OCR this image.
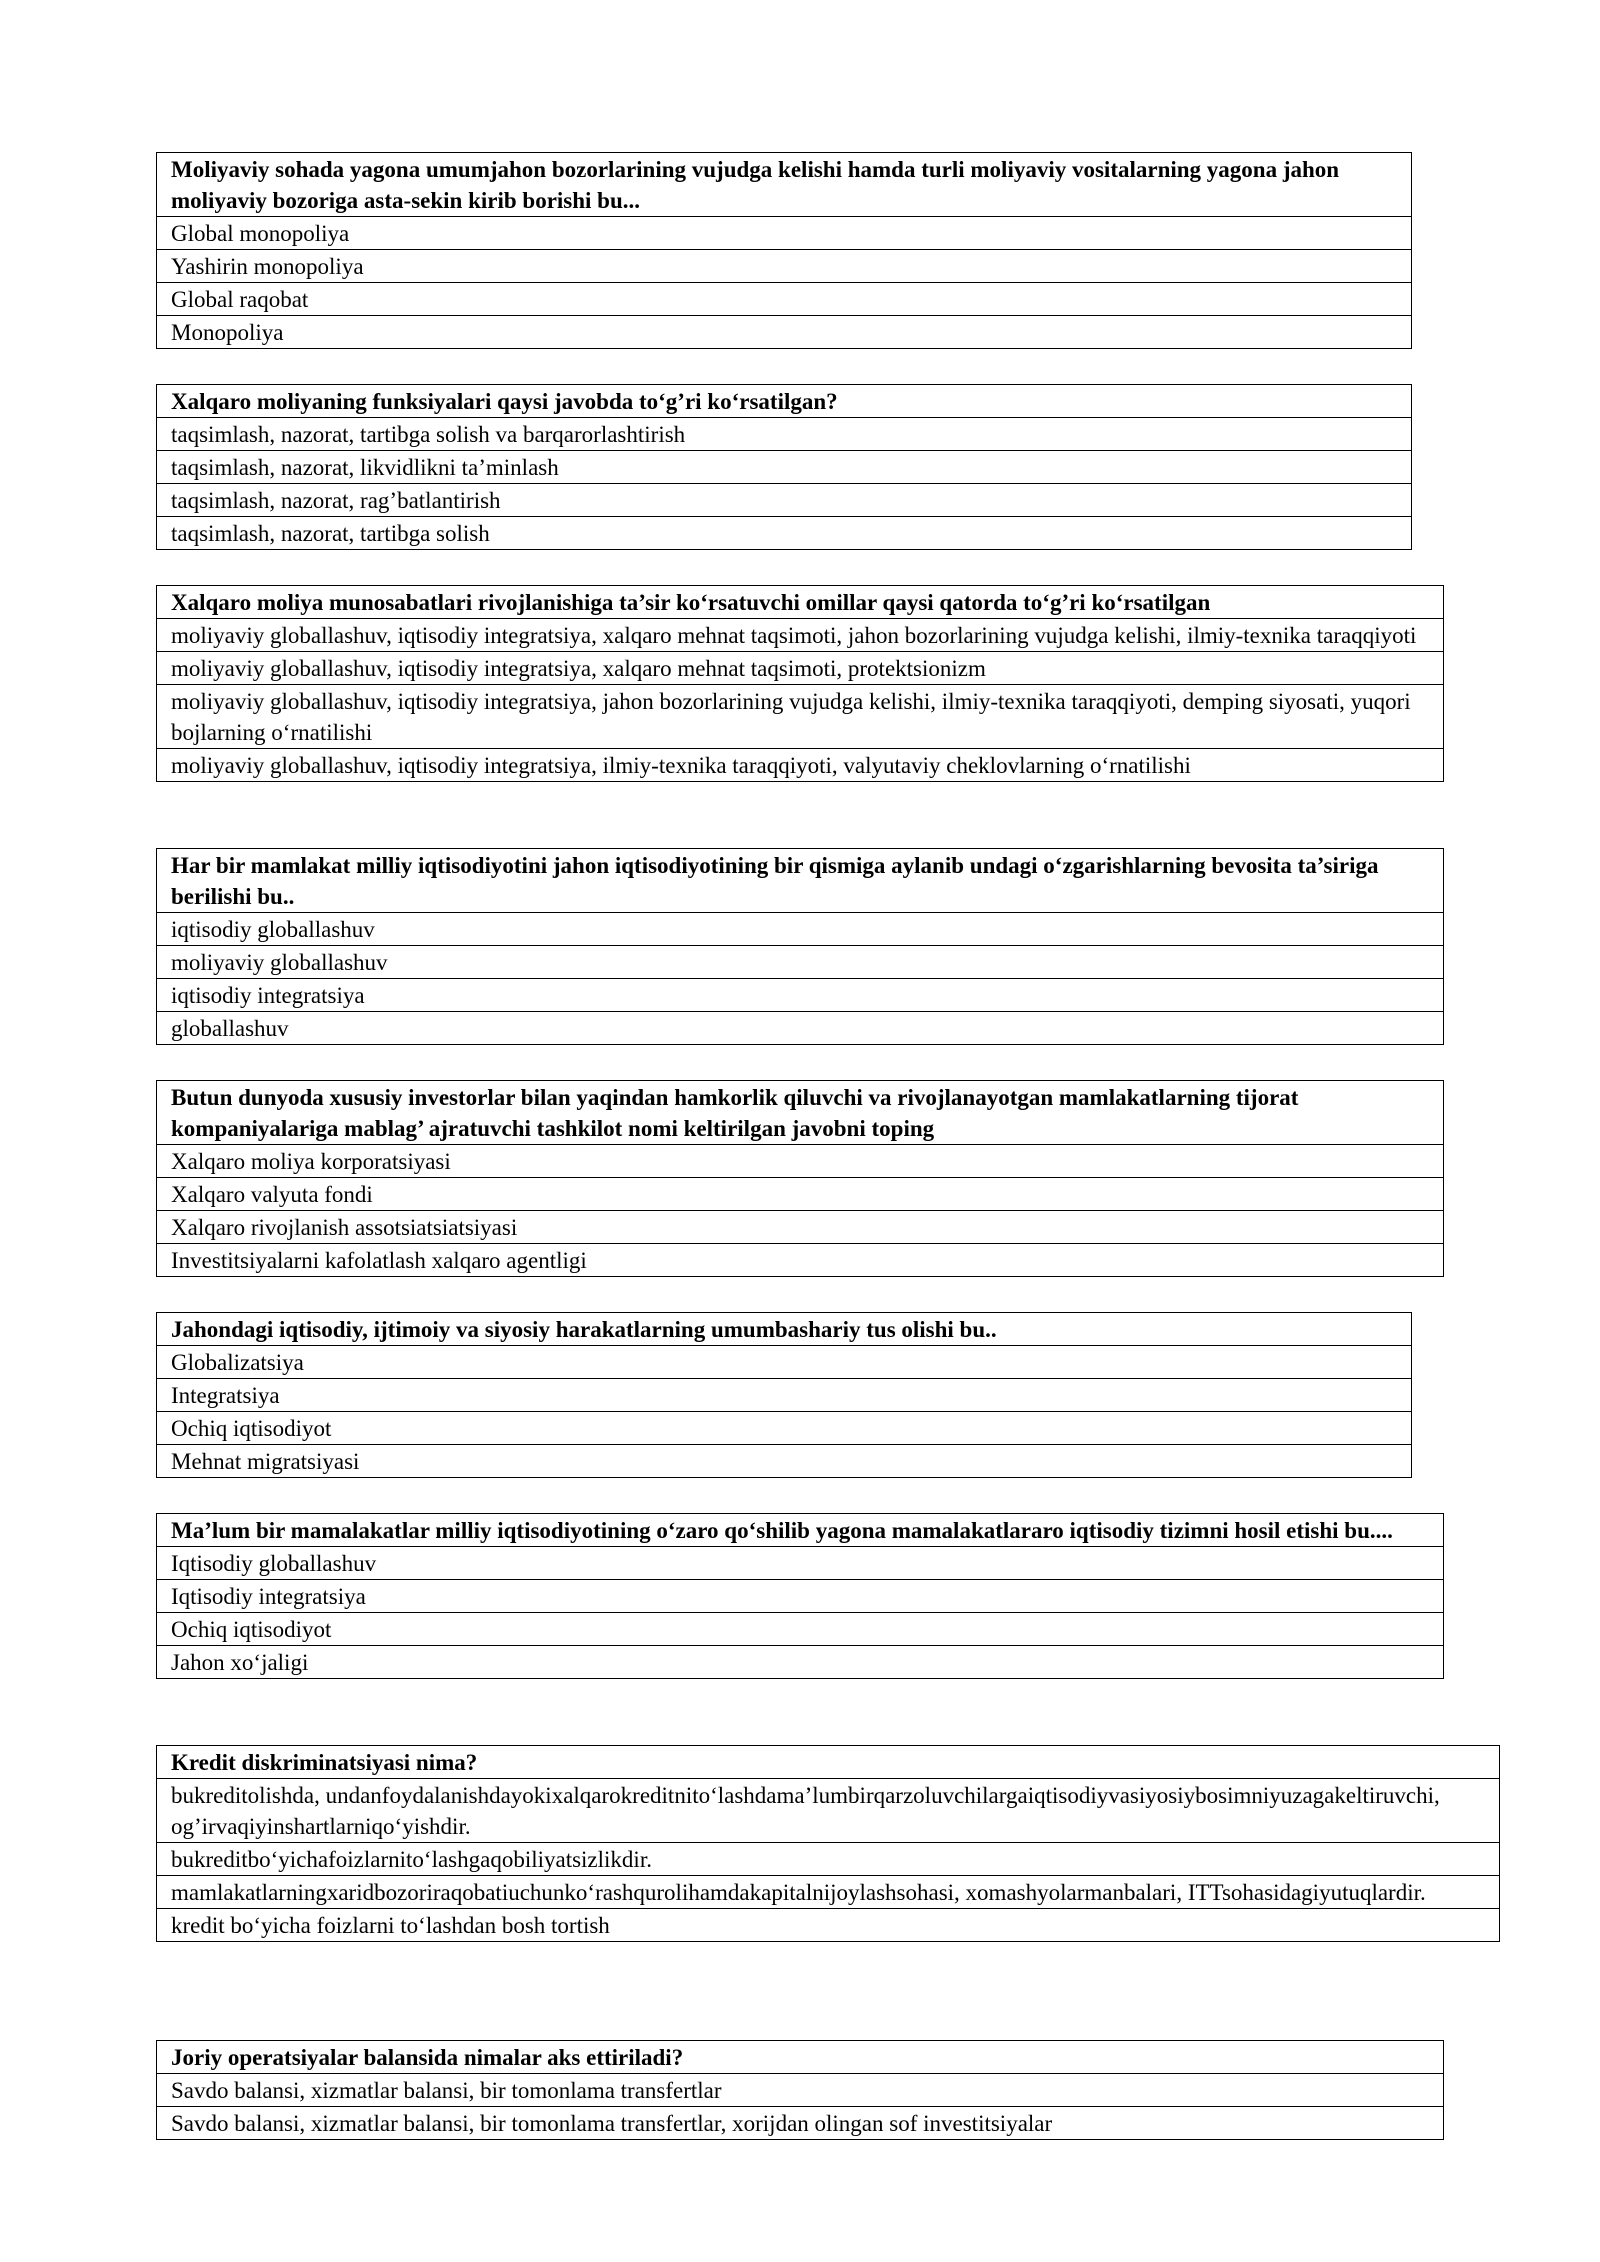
Moliyaviy sohada yagona umumjahon bozorlarining vujudga kelishi hamda turli moliyaviy vositalarning yagona jahon moliyaviy bozoriga asta-sekin kirib borishi bu...
Global monopoliya
Yashirin monopoliya
Global raqobat
Monopoliya
Xalqaro moliyaning funksiyalari qaysi javobda to‘g’ri ko‘rsatilgan?
taqsimlash, nazorat, tartibga solish va barqarorlashtirish
taqsimlash, nazorat, likvidlikni ta’minlash
taqsimlash, nazorat, rag’batlantirish
taqsimlash, nazorat, tartibga solish
Xalqaro moliya munosabatlari rivojlanishiga ta’sir ko‘rsatuvchi omillar qaysi qatorda to‘g’ri ko‘rsatilgan
moliyaviy globallashuv, iqtisodiy integratsiya, xalqaro mehnat taqsimoti, jahon bozorlarining vujudga kelishi, ilmiy-texnika taraqqiyoti
moliyaviy globallashuv, iqtisodiy integratsiya, xalqaro mehnat taqsimoti, protektsionizm
moliyaviy globallashuv, iqtisodiy integratsiya, jahon bozorlarining vujudga kelishi, ilmiy-texnika taraqqiyoti, demping siyosati, yuqori bojlarning o‘rnatilishi
moliyaviy globallashuv, iqtisodiy integratsiya, ilmiy-texnika taraqqiyoti, valyutaviy cheklovlarning o‘rnatilishi
Har bir mamlakat milliy iqtisodiyotini jahon iqtisodiyotining bir qismiga aylanib undagi o‘zgarishlarning bevosita ta’siriga berilishi bu..
iqtisodiy globallashuv
moliyaviy globallashuv
iqtisodiy integratsiya
globallashuv
Butun dunyoda xususiy investorlar bilan yaqindan hamkorlik qiluvchi va rivojlanayotgan mamlakatlarning tijorat kompaniyalariga mablag’ ajratuvchi tashkilot nomi keltirilgan javobni toping
Xalqaro moliya korporatsiyasi
Xalqaro valyuta fondi
Xalqaro rivojlanish assotsiatsiatsiyasi
Investitsiyalarni kafolatlash xalqaro agentligi
Jahondagi iqtisodiy, ijtimoiy va siyosiy harakatlarning umumbashariy tus olishi bu..
Globalizatsiya
Integratsiya
Ochiq iqtisodiyot
Mehnat migratsiyasi
Ma’lum bir mamalakatlar milliy iqtisodiyotining o‘zaro qo‘shilib yagona mamalakatlararo iqtisodiy tizimni hosil etishi bu....
Iqtisodiy globallashuv
Iqtisodiy integratsiya
Ochiq iqtisodiyot
Jahon xo‘jaligi
Kredit diskriminatsiyasi nima?
bukreditolishda, undanfoydalanishdayokixalqarokreditnito‘lashdama’lumbirqarzoluvchilargaiqtisodiyvasiyosiybosimniyuzagakeltiruvchi, og’irvaqiyinshartlarniqo‘yishdir.
bukreditbo‘yichafoizlarnito‘lashgaqobiliyatsizlikdir.
mamlakatlarningxaridbozoriraqobatiuchunko‘rashqurolihamdakapitalnijoylashsohasi, xomashyolarmanbalari, ITTsohasidagiyutuqlardir.
kredit bo‘yicha foizlarni to‘lashdan bosh tortish
Joriy operatsiyalar balansida nimalar aks ettiriladi?
Savdo balansi, xizmatlar balansi, bir tomonlama transfertlar
Savdo balansi, xizmatlar balansi, bir tomonlama transfertlar, xorijdan olingan sof investitsiyalar
